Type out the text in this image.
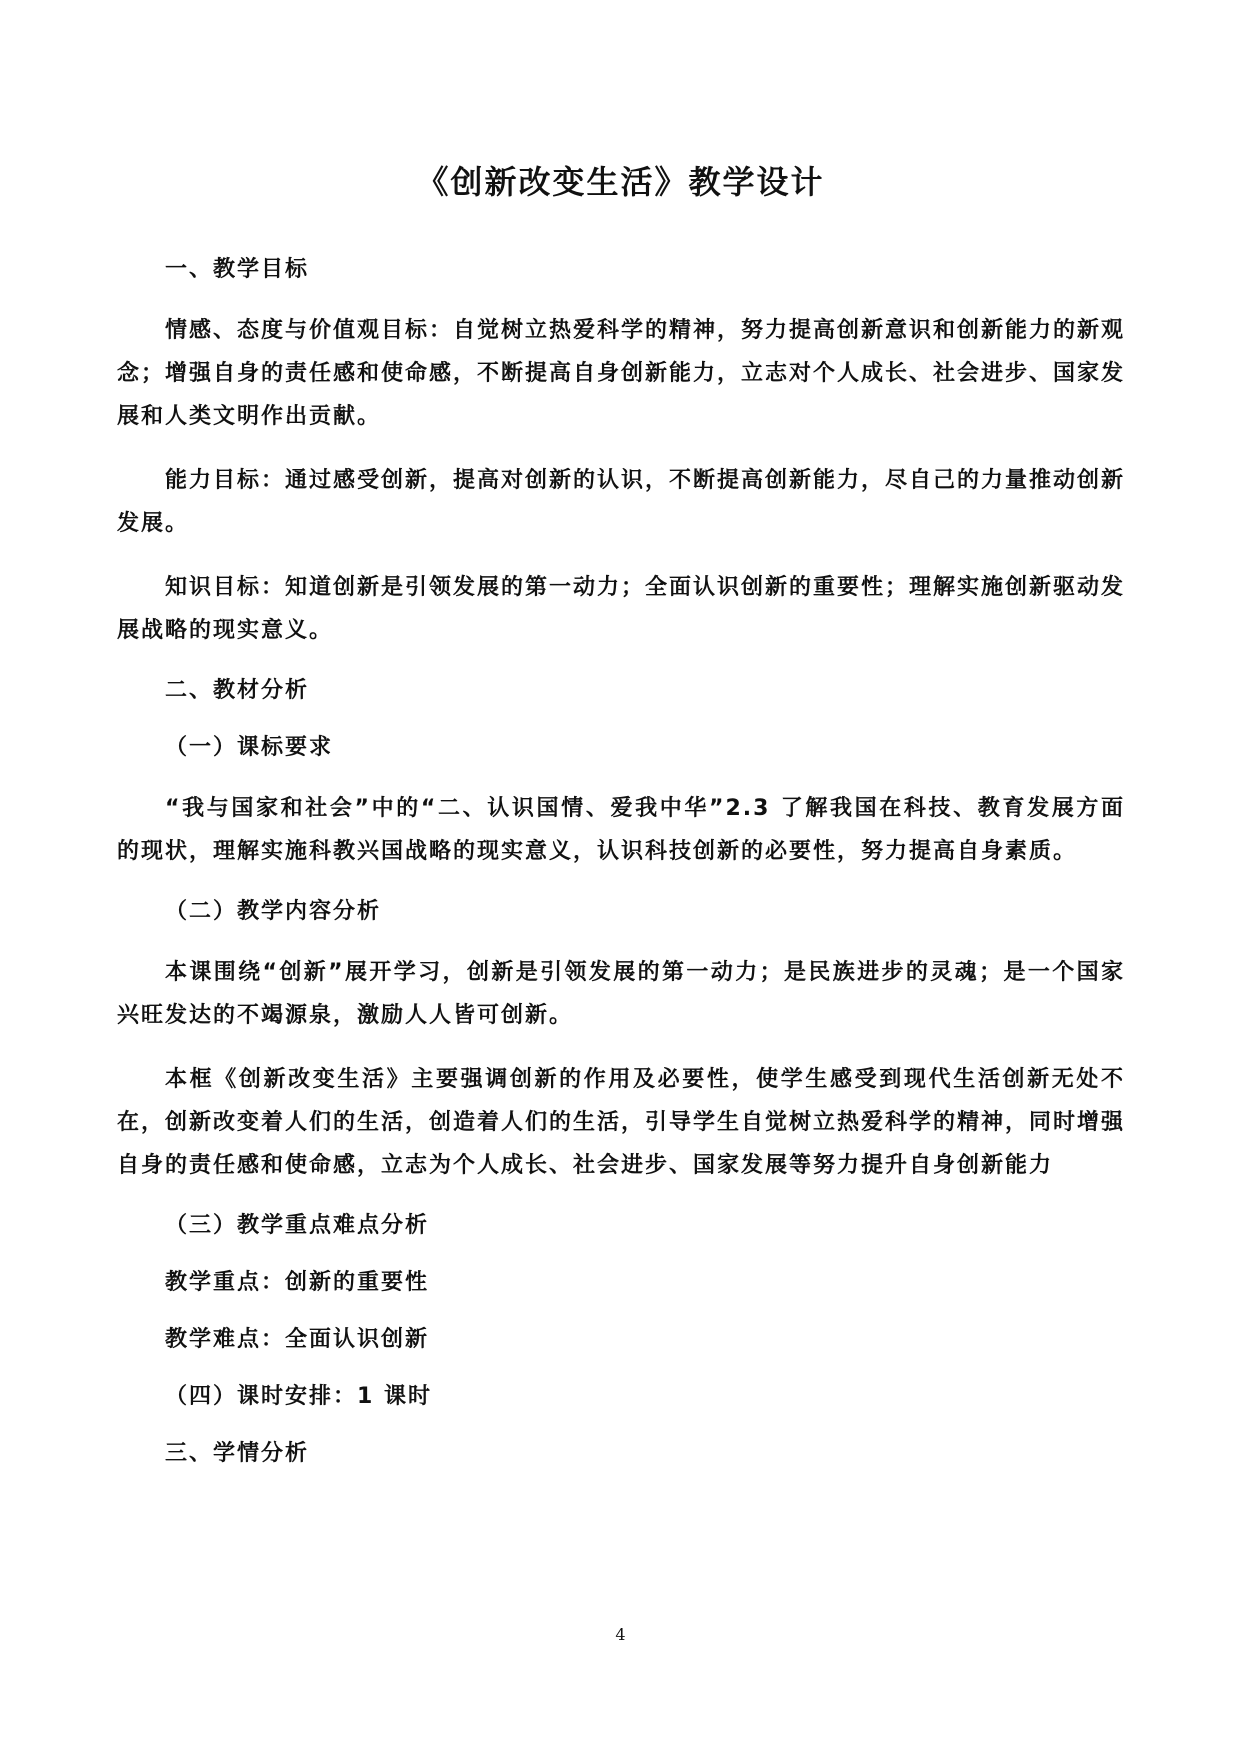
《创新改变生活》教学设计

一、教学目标

情感、态度与价值观目标：自觉树立热爱科学的精神，努力提高创新意识和创新能力的新观念；增强自身的责任感和使命感，不断提高自身创新能力，立志对个人成长、社会进步、国家发展和人类文明作出贡献。

能力目标：通过感受创新，提高对创新的认识，不断提高创新能力，尽自己的力量推动创新发展。

知识目标：知道创新是引领发展的第一动力；全面认识创新的重要性；理解实施创新驱动发展战略的现实意义。

二、教材分析

（一）课标要求

“我与国家和社会”中的“二、认识国情、爱我中华”2.3 了解我国在科技、教育发展方面的现状，理解实施科教兴国战略的现实意义，认识科技创新的必要性，努力提高自身素质。

（二）教学内容分析

本课围绕“创新”展开学习，创新是引领发展的第一动力；是民族进步的灵魂；是一个国家兴旺发达的不竭源泉，激励人人皆可创新。

本框《创新改变生活》主要强调创新的作用及必要性，使学生感受到现代生活创新无处不在，创新改变着人们的生活，创造着人们的生活，引导学生自觉树立热爱科学的精神，同时增强自身的责任感和使命感，立志为个人成长、社会进步、国家发展等努力提升自身创新能力

（三）教学重点难点分析

教学重点：创新的重要性

教学难点：全面认识创新

（四）课时安排：1 课时

三、学情分析

4
